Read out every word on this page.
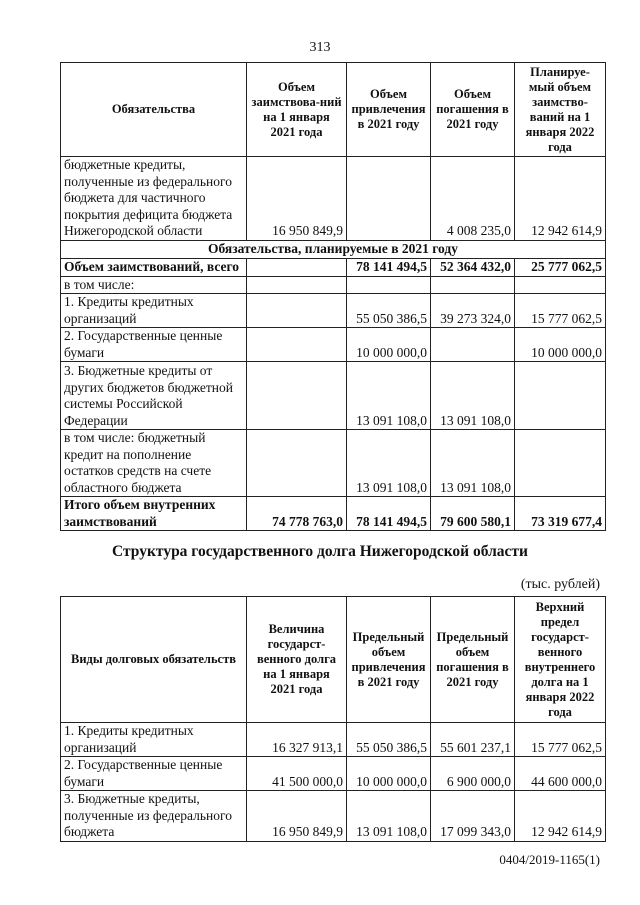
313
Обязательства	Объем заимствова-ний на 1 января 2021 года	Объем привлечения в 2021 году	Объем погашения в 2021 году	Планируе-мый объем заимство-ваний на 1 января 2022 года
бюджетные кредиты, полученные из федерального бюджета для частичного покрытия дефицита бюджета Нижегородской области	16 950 849,9		4 008 235,0	12 942 614,9
Обязательства, планируемые в 2021 году				
Объем заимствований, всего		78 141 494,5	52 364 432,0	25 777 062,5
в том числе:				
1. Кредиты кредитных организаций		55 050 386,5	39 273 324,0	15 777 062,5
2. Государственные ценные бумаги		10 000 000,0		10 000 000,0
3. Бюджетные кредиты от других бюджетов бюджетной системы Российской Федерации		13 091 108,0	13 091 108,0	
в том числе: бюджетный кредит на пополнение остатков средств на счете областного бюджета		13 091 108,0	13 091 108,0	
Итого объем внутренних заимствований	74 778 763,0	78 141 494,5	79 600 580,1	73 319 677,4
Структура государственного долга Нижегородской области
(тыс. рублей)
Виды долговых обязательств	Величина государст-венного долга на 1 января 2021 года	Предельный объем привлечения в 2021 году	Предельный объем погашения в 2021 году	Верхний предел государст-венного внутреннего долга на 1 января 2022 года
1. Кредиты кредитных организаций	16 327 913,1	55 050 386,5	55 601 237,1	15 777 062,5
2. Государственные ценные бумаги	41 500 000,0	10 000 000,0	6 900 000,0	44 600 000,0
3. Бюджетные кредиты, полученные из федерального бюджета	16 950 849,9	13 091 108,0	17 099 343,0	12 942 614,9
0404/2019-1165(1)
